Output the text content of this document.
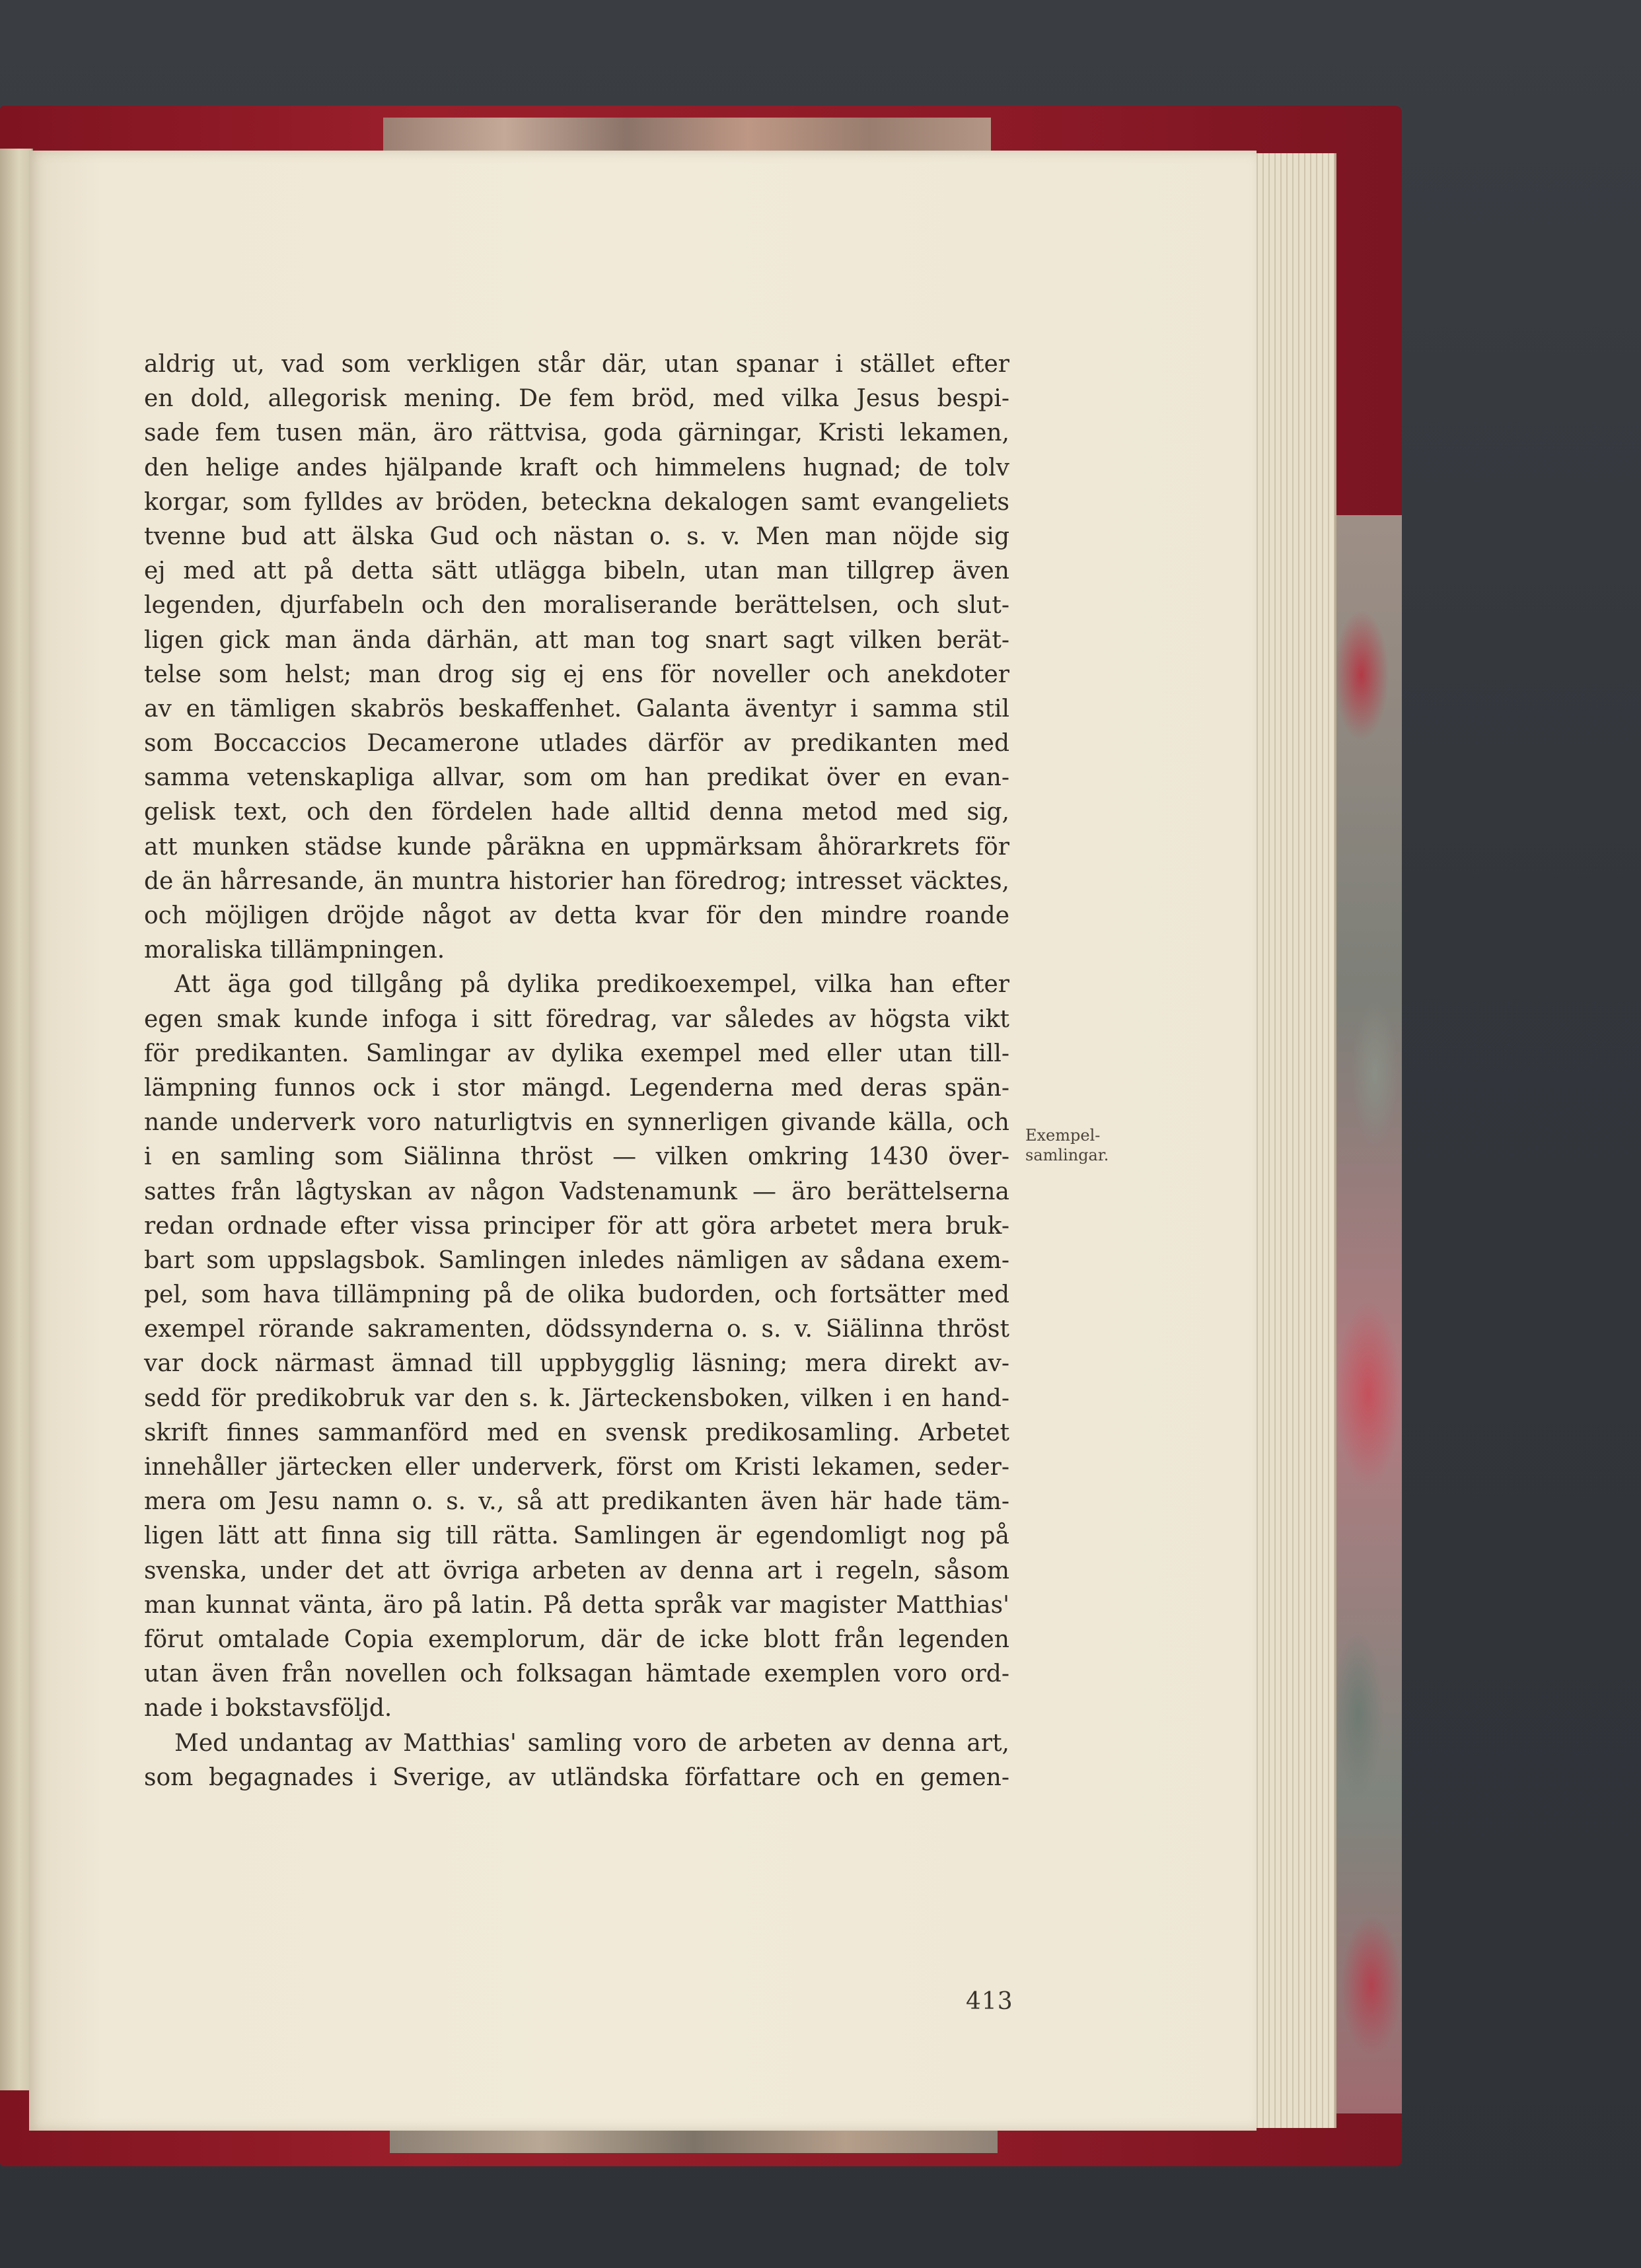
aldrig ut, vad som verkligen står där, utan spanar i stället efter
en dold, allegorisk mening. De fem bröd, med vilka Jesus bespi-
sade fem tusen män, äro rättvisa, goda gärningar, Kristi lekamen,
den helige andes hjälpande kraft och himmelens hugnad; de tolv
korgar, som fylldes av bröden, beteckna dekalogen samt evangeliets
tvenne bud att älska Gud och nästan o. s. v. Men man nöjde sig
ej med att på detta sätt utlägga bibeln, utan man tillgrep även
legenden, djurfabeln och den moraliserande berättelsen, och slut-
ligen gick man ända därhän, att man tog snart sagt vilken berät-
telse som helst; man drog sig ej ens för noveller och anekdoter
av en tämligen skabrös beskaffenhet. Galanta äventyr i samma stil
som Boccaccios Decamerone utlades därför av predikanten med
samma vetenskapliga allvar, som om han predikat över en evan-
gelisk text, och den fördelen hade alltid denna metod med sig,
att munken städse kunde påräkna en uppmärksam åhörarkrets för
de än hårresande, än muntra historier han föredrog; intresset väcktes,
och möjligen dröjde något av detta kvar för den mindre roande
moraliska tillämpningen.
Att äga god tillgång på dylika predikoexempel, vilka han efter
egen smak kunde infoga i sitt föredrag, var således av högsta vikt
för predikanten. Samlingar av dylika exempel med eller utan till-
lämpning funnos ock i stor mängd. Legenderna med deras spän-
nande underverk voro naturligtvis en synnerligen givande källa, och
i en samling som Siälinna thröst — vilken omkring 1430 över-
sattes från lågtyskan av någon Vadstenamunk — äro berättelserna
redan ordnade efter vissa principer för att göra arbetet mera bruk-
bart som uppslagsbok. Samlingen inledes nämligen av sådana exem-
pel, som hava tillämpning på de olika budorden, och fortsätter med
exempel rörande sakramenten, dödssynderna o. s. v. Siälinna thröst
var dock närmast ämnad till uppbygglig läsning; mera direkt av-
sedd för predikobruk var den s. k. Järteckensboken, vilken i en hand-
skrift finnes sammanförd med en svensk predikosamling. Arbetet
innehåller järtecken eller underverk, först om Kristi lekamen, seder-
mera om Jesu namn o. s. v., så att predikanten även här hade täm-
ligen lätt att finna sig till rätta. Samlingen är egendomligt nog på
svenska, under det att övriga arbeten av denna art i regeln, såsom
man kunnat vänta, äro på latin. På detta språk var magister Matthias'
förut omtalade Copia exemplorum, där de icke blott från legenden
utan även från novellen och folksagan hämtade exemplen voro ord-
nade i bokstavsföljd.
Med undantag av Matthias' samling voro de arbeten av denna art,
som begagnades i Sverige, av utländska författare och en gemen-
Exempel-
samlingar.
413
